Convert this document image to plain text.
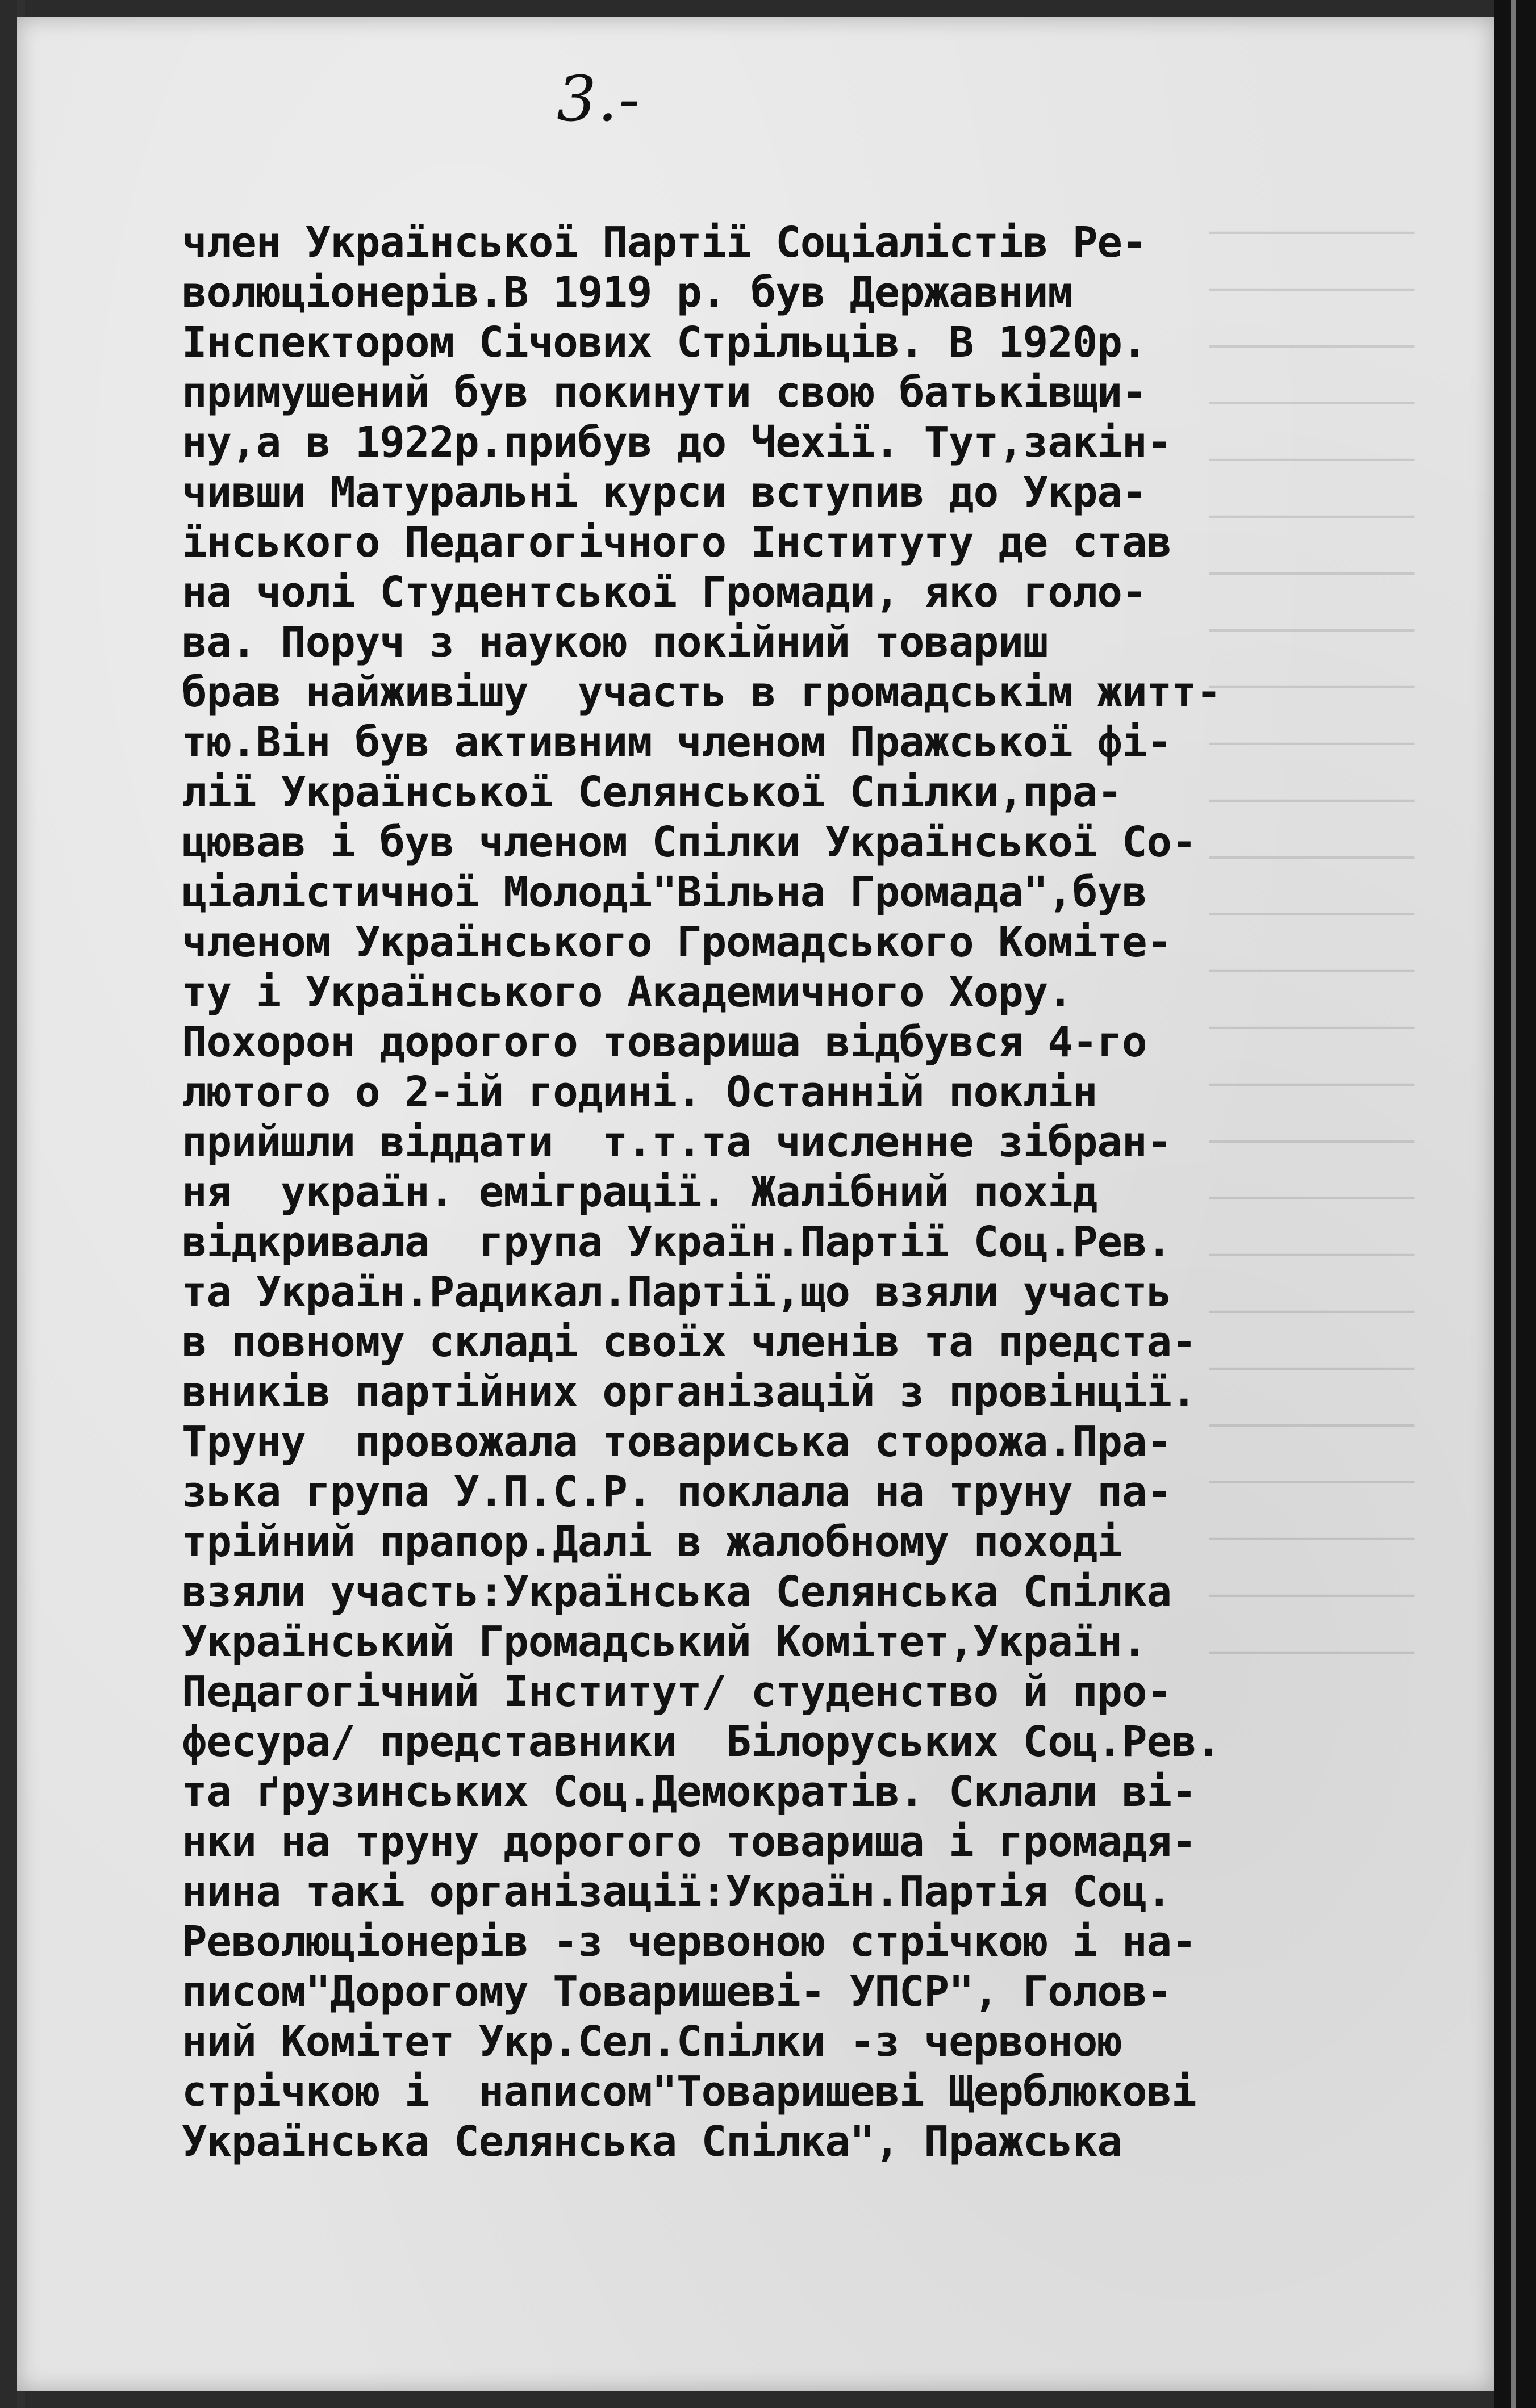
────────────
────────────
────────────
────────────
────────────
────────────
────────────
────────────
────────────
────────────
────────────
────────────
────────────
────────────
────────────
────────────
────────────
────────────
────────────
────────────
────────────
────────────
────────────
────────────
────────────
────────────

3.-
член Української Партії Соціалістів Ре-
волюціонерів.В 1919 р. був Державним
Інспектором Січових Стрільців. В 1920р.
примушений був покинути свою батьківщи-
ну,а в 1922р.прибув до Чехії. Тут,закін-
чивши Матуральні курси вступив до Укра-
їнського Педагогічного Інституту де став
на чолі Студентської Громади, яко голо-
ва. Поруч з наукою покійний товариш
брав найживішу  участь в громадськім житт-
тю.Він був активним членом Пражської фі-
лії Української Селянської Спілки,пра-
цював і був членом Спілки Української Со-
ціалістичної Молоді"Вільна Громада",був
членом Українського Громадського Коміте-
ту і Українського Академичного Хору.
Похорон дорогого товариша відбувся 4-го
лютого о 2-ій годині. Останній поклін
прийшли віддати  т.т.та численне зібран-
ня  україн. еміграції. Жалібний похід
відкривала  група Україн.Партії Соц.Рев.
та Україн.Радикал.Партії,що взяли участь
в повному складі своїх членів та предста-
вників партійних організацій з провінції.
Труну  провожала товариська сторожа.Пра-
зька група У.П.С.Р. поклала на труну па-
трійний прапор.Далі в жалобному поході
взяли участь:Українська Селянська Спілка
Український Громадський Комітет,Україн.
Педагогічний Інститут/ студенство й про-
фесура/ представники  Білоруських Соц.Рев.
та ґрузинських Соц.Демократів. Склали ві-
нки на труну дорогого товариша і громадя-
нина такі організації:Україн.Партія Соц.
Революціонерів -з червоною стрічкою і на-
писом"Дорогому Товаришеві- УПСР", Голов-
ний Комітет Укр.Сел.Спілки -з червоною
стрічкою і  написом"Товаришеві Щерблюкові
Українська Селянська Спілка", Пражська
